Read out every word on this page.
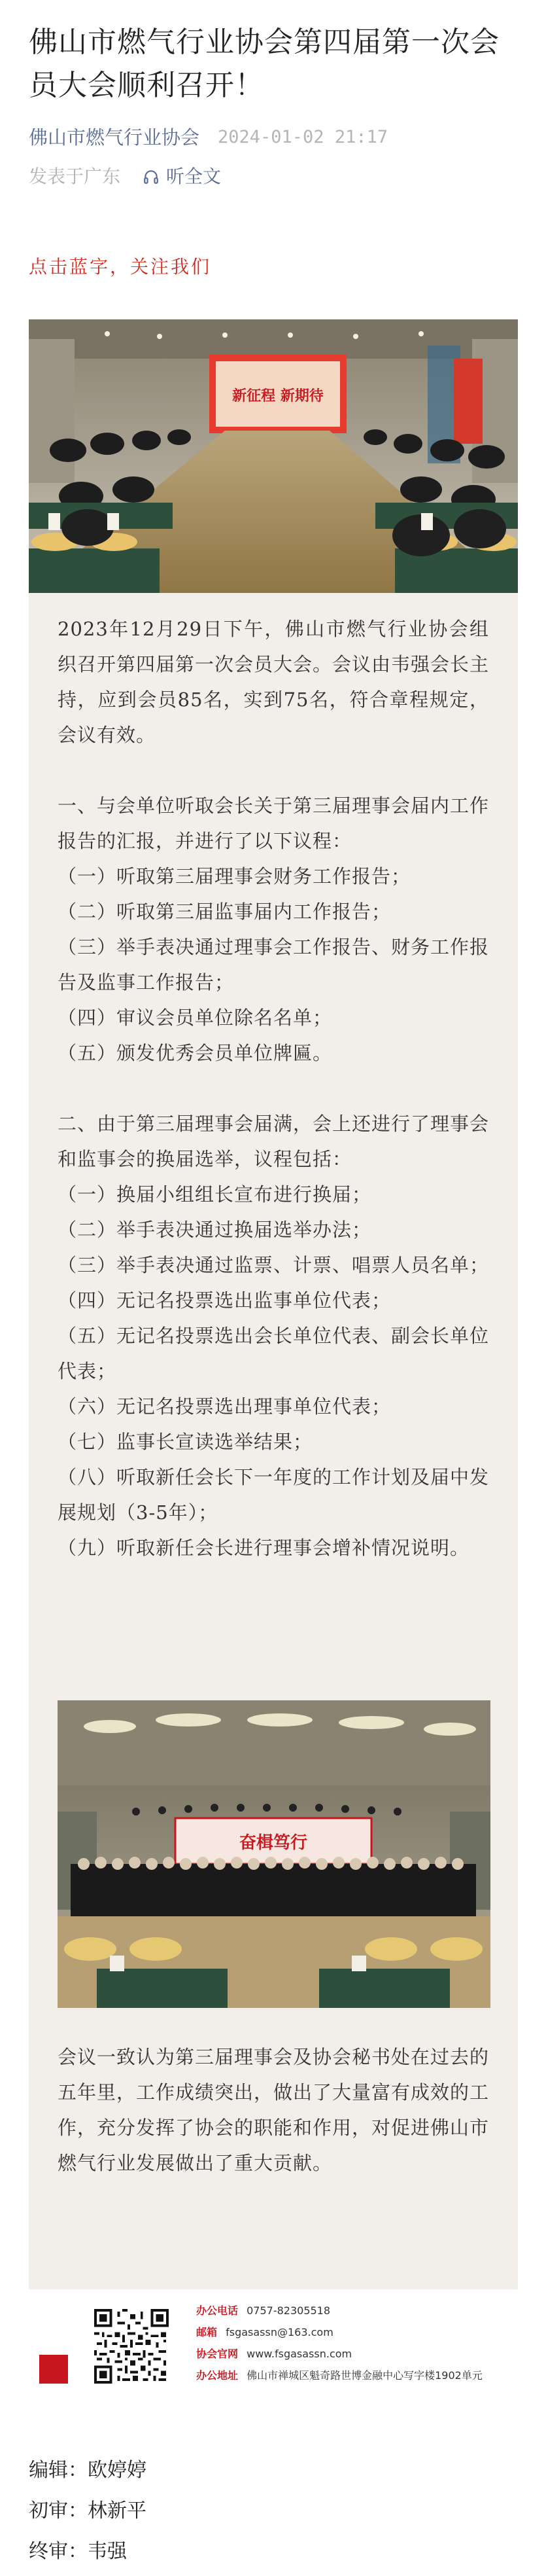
佛山市燃气行业协会第四届第一次会员大会顺利召开！
佛山市燃气行业协会 2024-01-02 21:17
发表于广东	听全文
点击蓝字，关注我们
新征程 新期待

2023年12月29日下午，佛山市燃气行业协会组织召开第四届第一次会员大会。会议由韦强会长主持，应到会员85名，实到75名，符合章程规定，会议有效。

一、与会单位听取会长关于第三届理事会届内工作报告的汇报，并进行了以下议程：

（一）听取第三届理事会财务工作报告；

（二）听取第三届监事届内工作报告；

（三）举手表决通过理事会工作报告、财务工作报告及监事工作报告；

（四）审议会员单位除名名单；

（五）颁发优秀会员单位牌匾。

二、由于第三届理事会届满，会上还进行了理事会和监事会的换届选举，议程包括：

（一）换届小组组长宣布进行换届；

（二）举手表决通过换届选举办法；

（三）举手表决通过监票、计票、唱票人员名单；

（四）无记名投票选出监事单位代表；

（五）无记名投票选出会长单位代表、副会长单位代表；

（六）无记名投票选出理事单位代表；

（七）监事长宣读选举结果；

（八）听取新任会长下一年度的工作计划及届中发展规划（3-5年）；

（九）听取新任会长进行理事会增补情况说明。

奋楫笃行

会议一致认为第三届理事会及协会秘书处在过去的五年里，工作成绩突出，做出了大量富有成效的工作，充分发挥了协会的职能和作用，对促进佛山市燃气行业发展做出了重大贡献。

办公电话 0757-82305518
邮箱 fsgasassn@163.com
协会官网 www.fsgasassn.com
办公地址 佛山市禅城区魁奇路世博金融中心写字楼1902单元
编辑：欧婷婷
初审：林新平
终审：韦强
